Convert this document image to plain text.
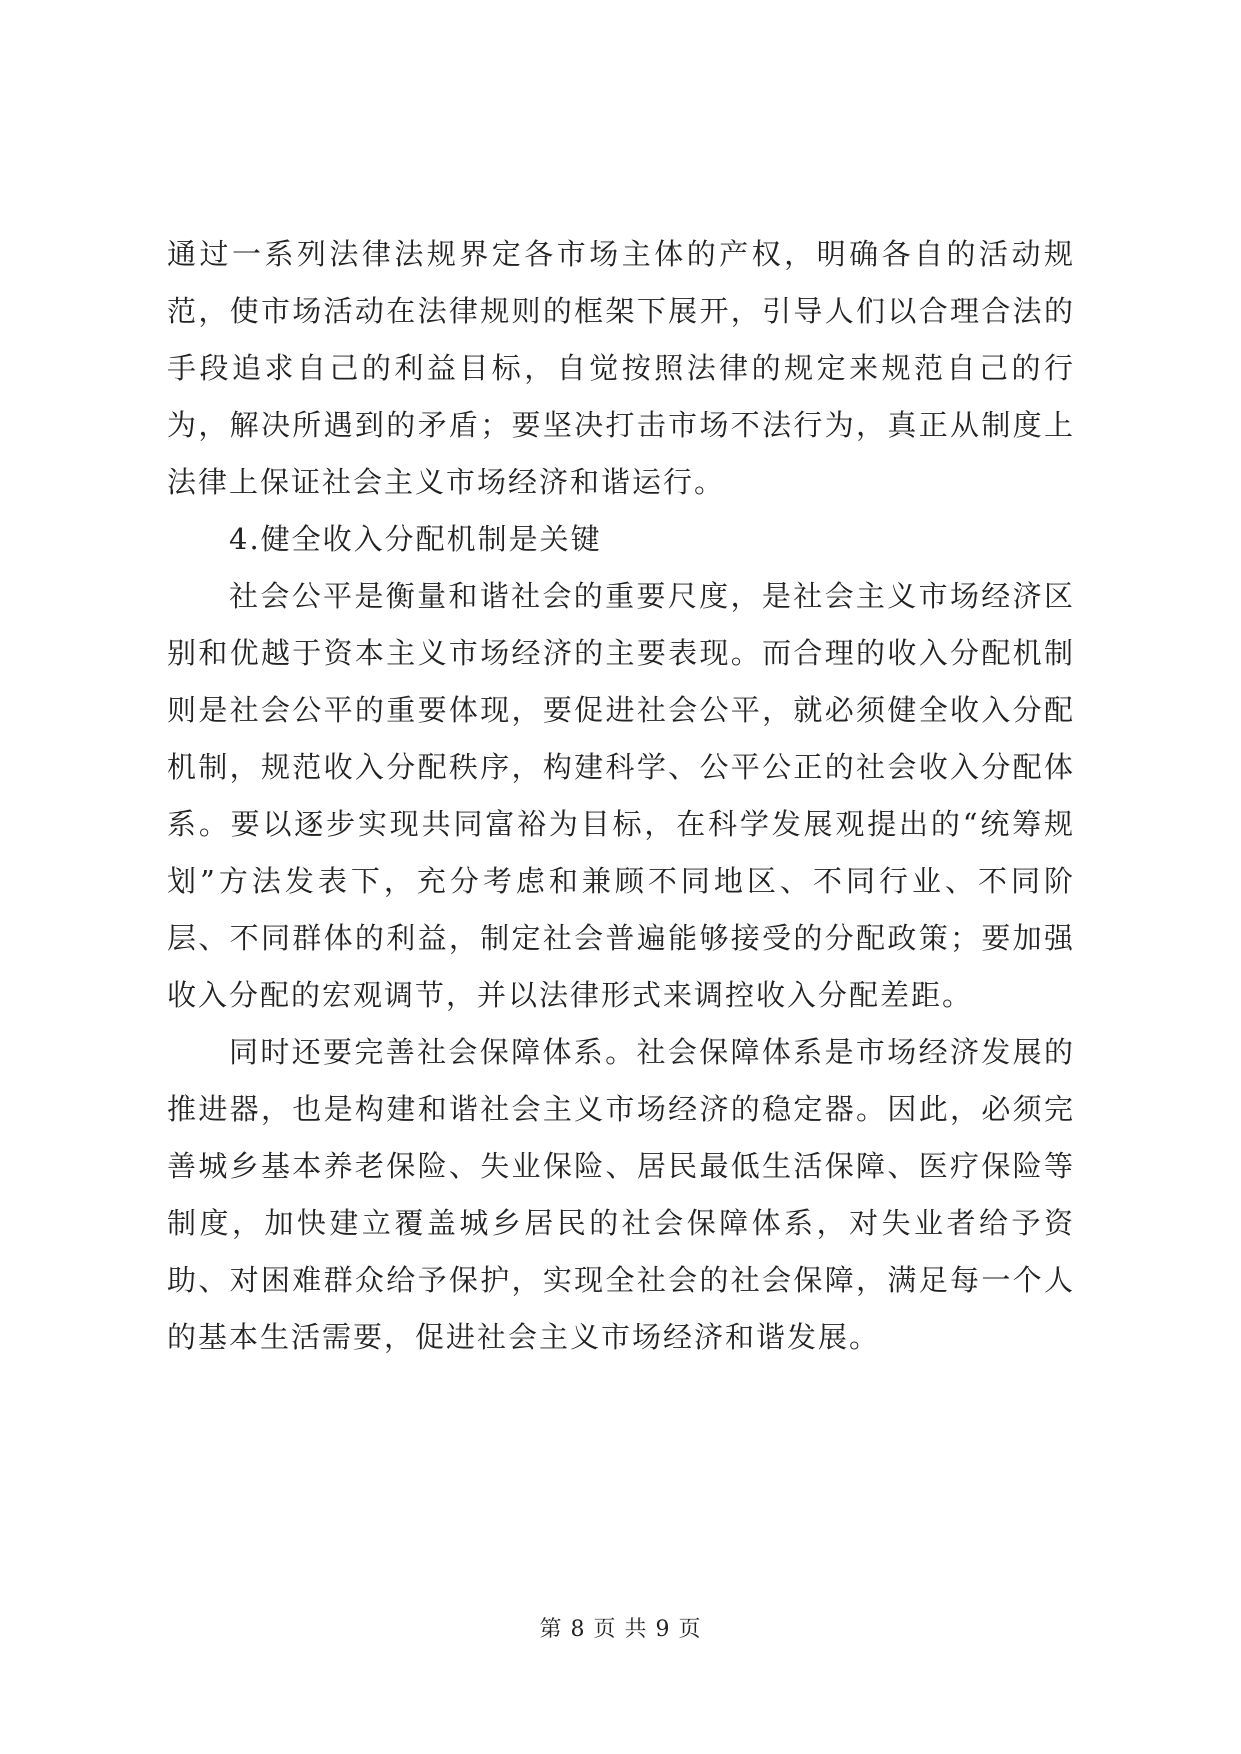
通过一系列法律法规界定各市场主体的产权，明确各自的活动规范，使市场活动在法律规则的框架下展开，引导人们以合理合法的手段追求自己的利益目标，自觉按照法律的规定来规范自己的行为，解决所遇到的矛盾；要坚决打击市场不法行为，真正从制度上法律上保证社会主义市场经济和谐运行。

4.健全收入分配机制是关键

社会公平是衡量和谐社会的重要尺度，是社会主义市场经济区别和优越于资本主义市场经济的主要表现。而合理的收入分配机制则是社会公平的重要体现，要促进社会公平，就必须健全收入分配机制，规范收入分配秩序，构建科学、公平公正的社会收入分配体系。要以逐步实现共同富裕为目标，在科学发展观提出的“统筹规划”方法发表下，充分考虑和兼顾不同地区、不同行业、不同阶层、不同群体的利益，制定社会普遍能够接受的分配政策；要加强收入分配的宏观调节，并以法律形式来调控收入分配差距。

同时还要完善社会保障体系。社会保障体系是市场经济发展的推进器，也是构建和谐社会主义市场经济的稳定器。因此，必须完善城乡基本养老保险、失业保险、居民最低生活保障、医疗保险等制度，加快建立覆盖城乡居民的社会保障体系，对失业者给予资助、对困难群众给予保护，实现全社会的社会保障，满足每一个人的基本生活需要，促进社会主义市场经济和谐发展。

第 8 页 共 9 页
